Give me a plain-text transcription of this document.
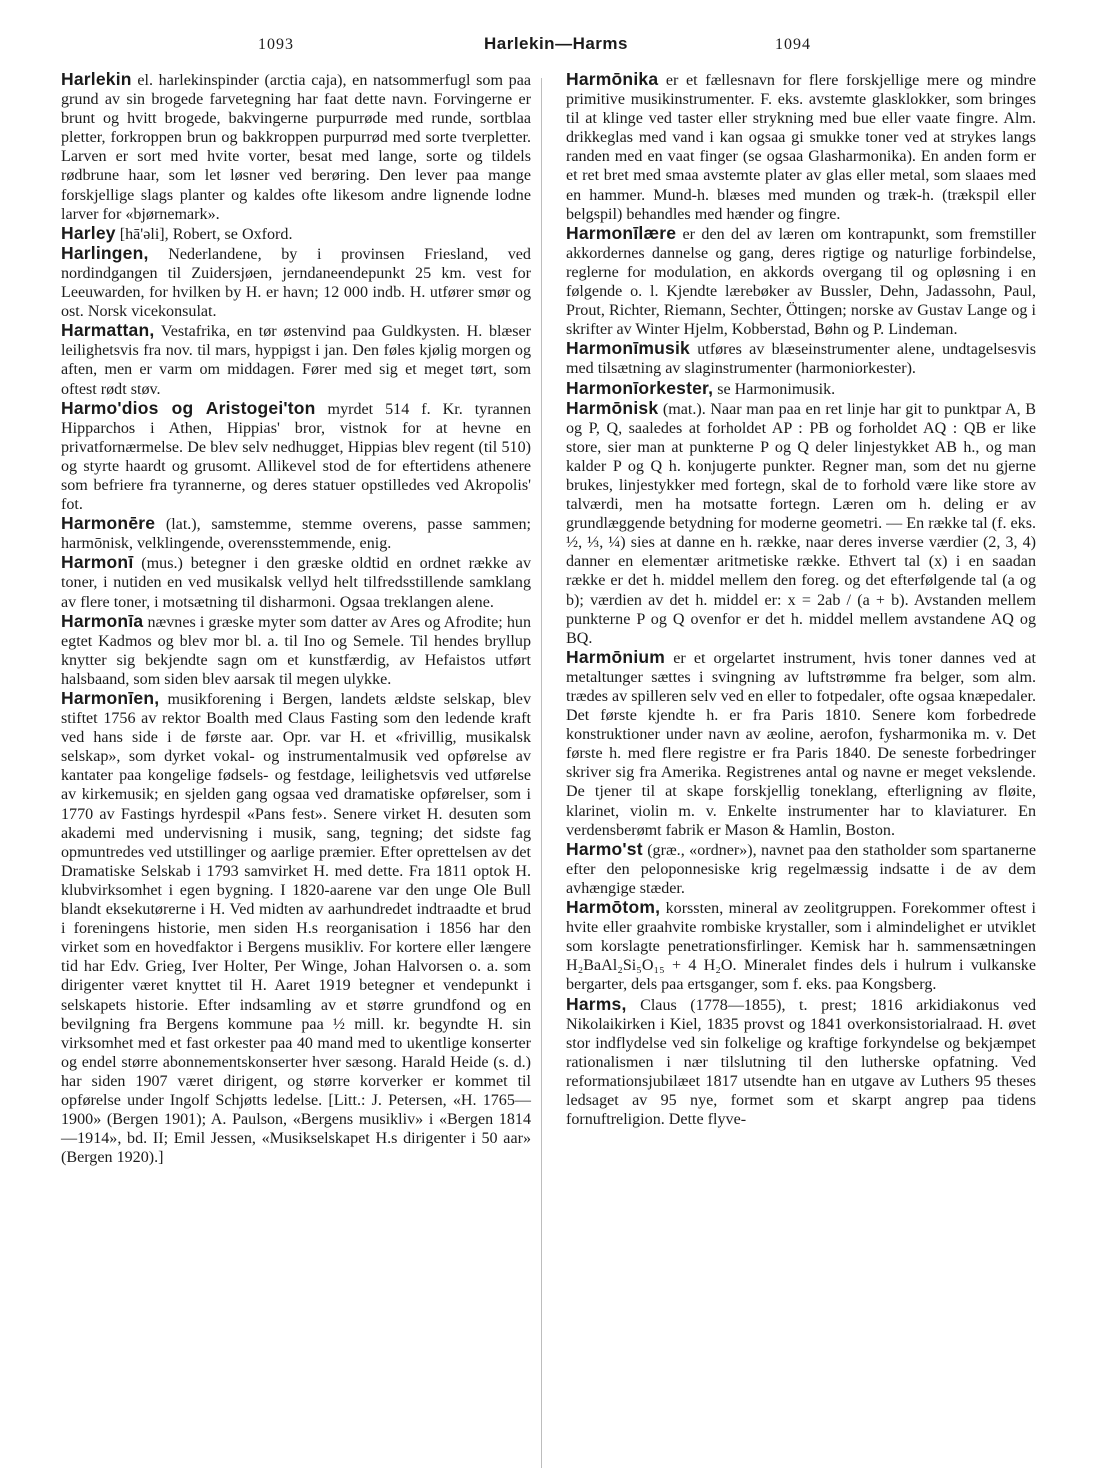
1093	Harlekin—Harms	1094

Harlekin el. harlekinspinder (arctia caja), en natsommerfugl som paa grund av sin brogede farvetegning har faat dette navn. Forvingerne er brunt og hvitt brogede, bakvingerne purpurrøde med runde, sortblaa pletter, forkroppen brun og bakkroppen purpurrød med sorte tverpletter. Larven er sort med hvite vorter, besat med lange, sorte og tildels rødbrune haar, som let løsner ved berøring. Den lever paa mange forskjellige slags planter og kaldes ofte likesom andre lignende lodne larver for «bjørnemark».

Harley [hā'əli], Robert, se Oxford.

Harlingen, Nederlandene, by i provinsen Friesland, ved nordindgangen til Zuidersjøen, jerndaneendepunkt 25 km. vest for Leeuwarden, for hvilken by H. er havn; 12 000 indb. H. utfører smør og ost. Norsk vicekonsulat.

Harmattan, Vestafrika, en tør østenvind paa Guldkysten. H. blæser leilighetsvis fra nov. til mars, hyppigst i jan. Den føles kjølig morgen og aften, men er varm om middagen. Fører med sig et meget tørt, som oftest rødt støv.

Harmo'dios og Aristogei'ton myrdet 514 f. Kr. tyrannen Hipparchos i Athen, Hippias' bror, vistnok for at hevne en privatfornærmelse. De blev selv nedhugget, Hippias blev regent (til 510) og styrte haardt og grusomt. Allikevel stod de for eftertidens athenere som befriere fra tyrannerne, og deres statuer opstilledes ved Akropolis' fot.

Harmonēre (lat.), samstemme, stemme overens, passe sammen; harmōnisk, velklingende, overensstemmende, enig.

Harmonī (mus.) betegner i den græske oldtid en ordnet række av toner, i nutiden en ved musikalsk vellyd helt tilfredsstillende samklang av flere toner, i motsætning til disharmoni. Ogsaa treklangen alene.

Harmonīa nævnes i græske myter som datter av Ares og Afrodite; hun egtet Kadmos og blev mor bl. a. til Ino og Semele. Til hendes bryllup knytter sig bekjendte sagn om et kunstfærdig, av Hefaistos utført halsbaand, som siden blev aarsak til megen ulykke.

Harmonīen, musikforening i Bergen, landets ældste selskap, blev stiftet 1756 av rektor Boalth med Claus Fasting som den ledende kraft ved hans side i de første aar. Opr. var H. et «frivillig, musikalsk selskap», som dyrket vokal- og instrumentalmusik ved opførelse av kantater paa kongelige fødsels- og festdage, leilighetsvis ved utførelse av kirkemusik; en sjelden gang ogsaa ved dramatiske opførelser, som i 1770 av Fastings hyrdespil «Pans fest». Senere virket H. desuten som akademi med undervisning i musik, sang, tegning; det sidste fag opmuntredes ved utstillinger og aarlige præmier. Efter oprettelsen av det Dramatiske Selskab i 1793 samvirket H. med dette. Fra 1811 optok H. klubvirksomhet i egen bygning. I 1820-aarene var den unge Ole Bull blandt eksekutørerne i H. Ved midten av aarhundredet indtraadte et brud i foreningens historie, men siden H.s reorganisation i 1856 har den virket som en hovedfaktor i Bergens musikliv. For kortere eller længere tid har Edv. Grieg, Iver Holter, Per Winge, Johan Halvorsen o. a. som dirigenter været knyttet til H. Aaret 1919 betegner et vendepunkt i selskapets historie. Efter indsamling av et større grundfond og en bevilgning fra Bergens kommune paa ½ mill. kr. begyndte H. sin virksomhet med et fast orkester paa 40 mand med to ukentlige konserter og endel større abonnementskonserter hver sæsong. Harald Heide (s. d.) har siden 1907 været dirigent, og større korverker er kommet til opførelse under Ingolf Schjøtts ledelse. [Litt.: J. Petersen, «H. 1765—1900» (Bergen 1901); A. Paulson, «Bergens musikliv» i «Bergen 1814—1914», bd. II; Emil Jessen, «Musikselskapet H.s dirigenter i 50 aar» (Bergen 1920).]

Harmōnika er et fællesnavn for flere forskjellige mere og mindre primitive musikinstrumenter. F. eks. avstemte glasklokker, som bringes til at klinge ved taster eller strykning med bue eller vaate fingre. Alm. drikkeglas med vand i kan ogsaa gi smukke toner ved at strykes langs randen med en vaat finger (se ogsaa Glasharmonika). En anden form er et ret bret med smaa avstemte plater av glas eller metal, som slaaes med en hammer. Mund-h. blæses med munden og træk-h. (trækspil eller belgspil) behandles med hænder og fingre.

Harmonīlære er den del av læren om kontrapunkt, som fremstiller akkordernes dannelse og gang, deres rigtige og naturlige forbindelse, reglerne for modulation, en akkords overgang til og opløsning i en følgende o. l. Kjendte lærebøker av Bussler, Dehn, Jadassohn, Paul, Prout, Richter, Riemann, Sechter, Öttingen; norske av Gustav Lange og i skrifter av Winter Hjelm, Kobberstad, Bøhn og P. Lindeman.

Harmonīmusik utføres av blæseinstrumenter alene, undtagelsesvis med tilsætning av slaginstrumenter (harmoniorkester).

Harmonīorkester, se Harmonimusik.

Harmōnisk (mat.). Naar man paa en ret linje har git to punktpar A, B og P, Q, saaledes at forholdet AP : PB og forholdet AQ : QB er like store, sier man at punkterne P og Q deler linjestykket AB h., og man kalder P og Q h. konjugerte punkter. Regner man, som det nu gjerne brukes, linjestykker med fortegn, skal de to forhold være like store av talværdi, men ha motsatte fortegn. Læren om h. deling er av grundlæggende betydning for moderne geometri. — En række tal (f. eks. ½, ⅓, ¼) sies at danne en h. række, naar deres inverse værdier (2, 3, 4) danner en elementær aritmetiske række. Ethvert tal (x) i en saadan række er det h. middel mellem den foreg. og det efterfølgende tal (a og b); værdien av det h. middel er: x = 2ab / (a + b). Avstanden mellem punkterne P og Q ovenfor er det h. middel mellem avstandene AQ og BQ.

Harmōnium er et orgelartet instrument, hvis toner dannes ved at metaltunger sættes i svingning av luftstrømme fra belger, som alm. trædes av spilleren selv ved en eller to fotpedaler, ofte ogsaa knæpedaler. Det første kjendte h. er fra Paris 1810. Senere kom forbedrede konstruktioner under navn av æoline, aerofon, fysharmonika m. v. Det første h. med flere registre er fra Paris 1840. De seneste forbedringer skriver sig fra Amerika. Registrenes antal og navne er meget vekslende. De tjener til at skape forskjellig toneklang, efterligning av fløite, klarinet, violin m. v. Enkelte instrumenter har to klaviaturer. En verdensberømt fabrik er Mason & Hamlin, Boston.

Harmo'st (græ., «ordner»), navnet paa den statholder som spartanerne efter den peloponnesiske krig regelmæssig indsatte i de av dem avhængige stæder.

Harmōtom, korssten, mineral av zeolitgruppen. Forekommer oftest i hvite eller graahvite rombiske krystaller, som i almindelighet er utviklet som korslagte penetrationsfirlinger. Kemisk har h. sammensætningen H₂BaAl₂Si₅O₁₅ + 4 H₂O. Mineralet findes dels i hulrum i vulkanske bergarter, dels paa ertsganger, som f. eks. paa Kongsberg.

Harms, Claus (1778—1855), t. prest; 1816 arkidiakonus ved Nikolaikirken i Kiel, 1835 provst og 1841 overkonsistorialraad. H. øvet stor indflydelse ved sin folkelige og kraftige forkyndelse og bekjæmpet rationalismen i nær tilslutning til den lutherske opfatning. Ved reformationsjubilæet 1817 utsendte han en utgave av Luthers 95 theses ledsaget av 95 nye, formet som et skarpt angrep paa tidens fornuftreligion. Dette flyve-
